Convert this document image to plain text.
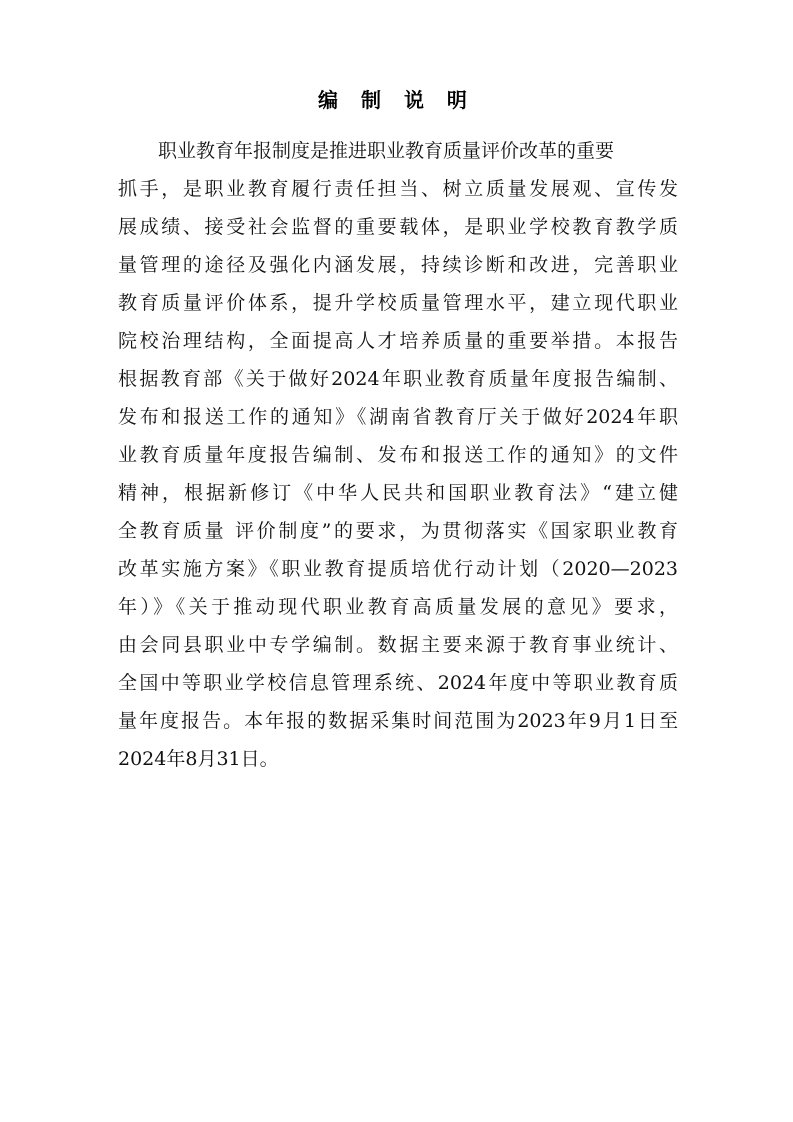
编 制 说 明
职业教育年报制度是推进职业教育质量评价改革的重要
抓手，是职业教育履行责任担当、树立质量发展观、宣传发
展成绩、接受社会监督的重要载体，是职业学校教育教学质
量管理的途径及强化内涵发展，持续诊断和改进，完善职业
教育质量评价体系，提升学校质量管理水平，建立现代职业
院校治理结构，全面提高人才培养质量的重要举措。本报告
根据教育部《关于做好2024年职业教育质量年度报告编制、
发布和报送工作的通知》《湖南省教育厅关于做好2024年职
业教育质量年度报告编制、发布和报送工作的通知》的文件
精神，根据新修订《中华人民共和国职业教育法》“建立健
全教育质量 评价制度”的要求，为贯彻落实《国家职业教育
改革实施方案》《职业教育提质培优行动计划（2020—2023
年）》《关于推动现代职业教育高质量发展的意见》要求，
由会同县职业中专学编制。数据主要来源于教育事业统计、
全国中等职业学校信息管理系统、2024年度中等职业教育质
量年度报告。本年报的数据采集时间范围为2023年9月1日至
2024年8月31日。
